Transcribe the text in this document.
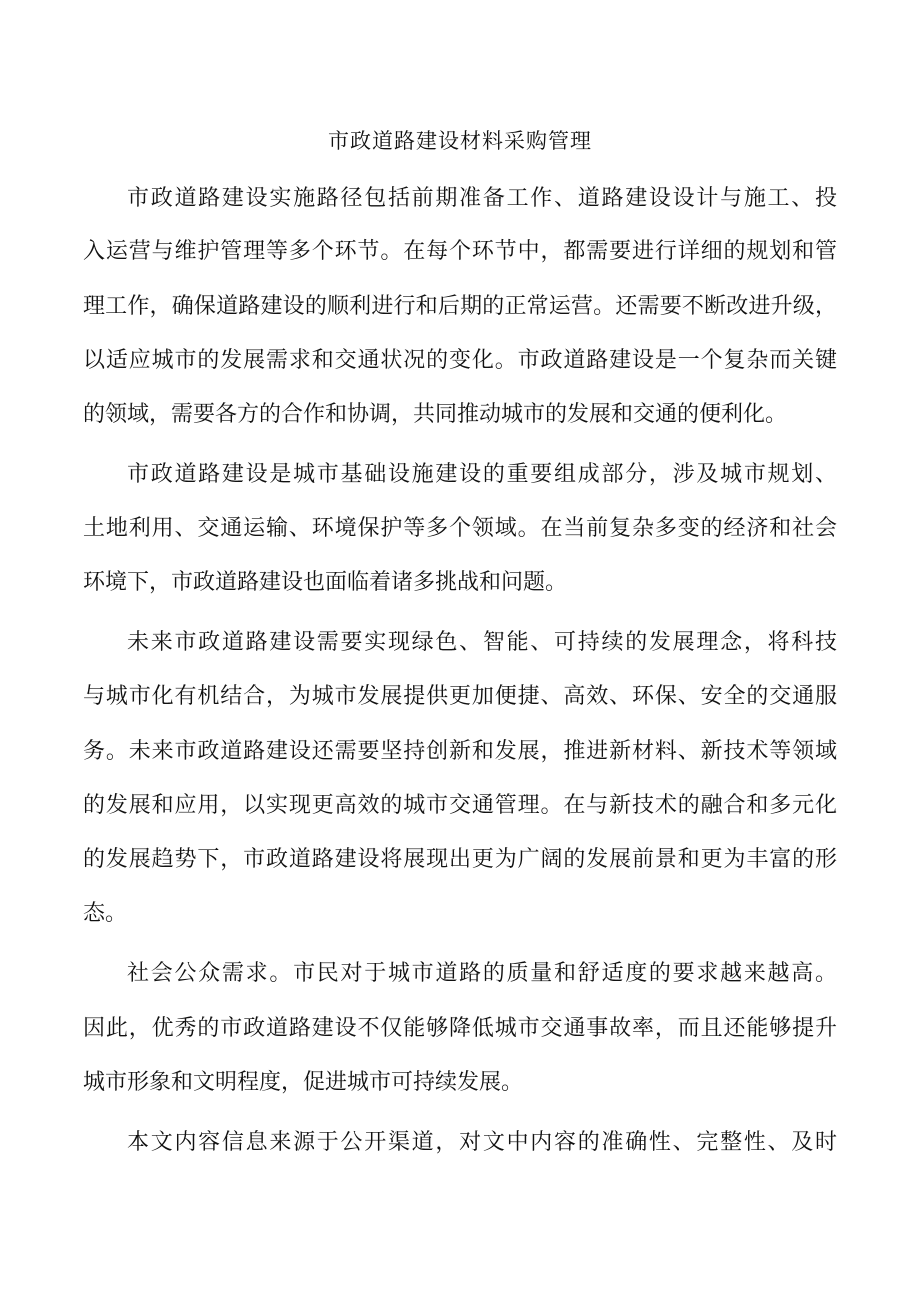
市政道路建设材料采购管理
市政道路建设实施路径包括前期准备工作、道路建设设计与施工、投
入运营与维护管理等多个环节。在每个环节中，都需要进行详细的规划和管
理工作，确保道路建设的顺利进行和后期的正常运营。还需要不断改进升级，
以适应城市的发展需求和交通状况的变化。市政道路建设是一个复杂而关键
的领域，需要各方的合作和协调，共同推动城市的发展和交通的便利化。
市政道路建设是城市基础设施建设的重要组成部分，涉及城市规划、
土地利用、交通运输、环境保护等多个领域。在当前复杂多变的经济和社会
环境下，市政道路建设也面临着诸多挑战和问题。
未来市政道路建设需要实现绿色、智能、可持续的发展理念，将科技
与城市化有机结合，为城市发展提供更加便捷、高效、环保、安全的交通服
务。未来市政道路建设还需要坚持创新和发展，推进新材料、新技术等领域
的发展和应用，以实现更高效的城市交通管理。在与新技术的融合和多元化
的发展趋势下，市政道路建设将展现出更为广阔的发展前景和更为丰富的形
态。
社会公众需求。市民对于城市道路的质量和舒适度的要求越来越高。
因此，优秀的市政道路建设不仅能够降低城市交通事故率，而且还能够提升
城市形象和文明程度，促进城市可持续发展。
本文内容信息来源于公开渠道，对文中内容的准确性、完整性、及时
